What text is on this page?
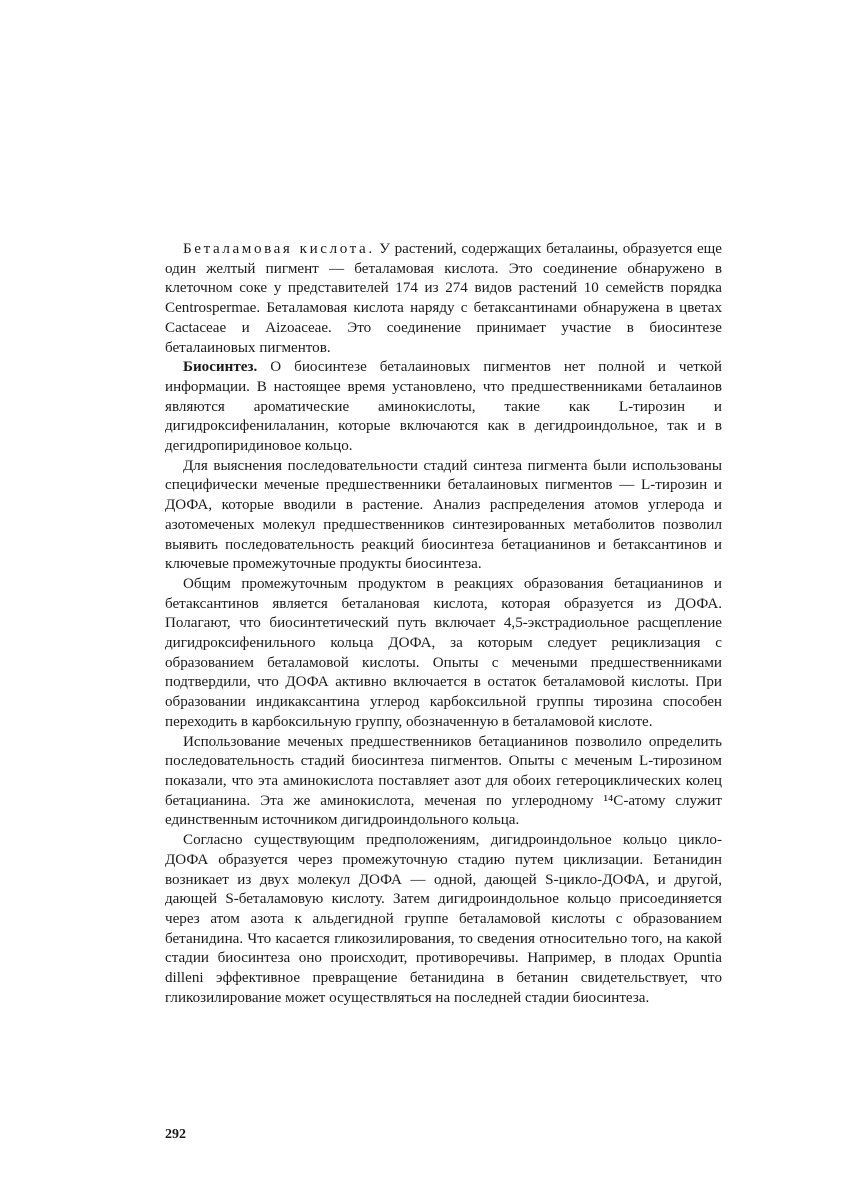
Беталамовая кислота. У растений, содержащих беталаины, образуется еще один желтый пигмент — беталамовая кислота. Это соединение обнаружено в клеточном соке у представителей 174 из 274 видов растений 10 семейств порядка Centrospermae. Беталамовая кислота наряду с бетаксантинами обнаружена в цветах Cactaceae и Aizoaceae. Это соединение принимает участие в биосинтезе беталаиновых пигментов.

Биосинтез. О биосинтезе беталаиновых пигментов нет полной и четкой информации. В настоящее время установлено, что предшественниками беталаинов являются ароматические аминокислоты, такие как L-тирозин и дигидроксифенилаланин, которые включаются как в дегидроиндольное, так и в дегидропиридиновое кольцо.

Для выяснения последовательности стадий синтеза пигмента были использованы специфически меченые предшественники беталаиновых пигментов — L-тирозин и ДОФА, которые вводили в растение. Анализ распределения атомов углерода и азотомеченых молекул предшественников синтезированных метаболитов позволил выявить последовательность реакций биосинтеза бетацианинов и бетаксантинов и ключевые промежуточные продукты биосинтеза.

Общим промежуточным продуктом в реакциях образования бетацианинов и бетаксантинов является беталановая кислота, которая образуется из ДОФА. Полагают, что биосинтетический путь включает 4,5-экстрадиольное расщепление дигидроксифенильного кольца ДОФА, за которым следует рециклизация с образованием беталамовой кислоты. Опыты с мечеными предшественниками подтвердили, что ДОФА активно включается в остаток беталамовой кислоты. При образовании индикаксантина углерод карбоксильной группы тирозина способен переходить в карбоксильную группу, обозначенную в беталамовой кислоте.

Использование меченых предшественников бетацианинов позволило определить последовательность стадий биосинтеза пигментов. Опыты с меченым L-тирозином показали, что эта аминокислота поставляет азот для обоих гетероциклических колец бетацианина. Эта же аминокислота, меченая по углеродному ¹⁴С-атому служит единственным источником дигидроиндольного кольца.

Согласно существующим предположениям, дигидроиндольное кольцо цикло-ДОФА образуется через промежуточную стадию путем циклизации. Бетанидин возникает из двух молекул ДОФА — одной, дающей S-цикло-ДОФА, и другой, дающей S-беталамовую кислоту. Затем дигидроиндольное кольцо присоединяется через атом азота к альдегидной группе беталамовой кислоты с образованием бетанидина. Что касается гликозилирования, то сведения относительно того, на какой стадии биосинтеза оно происходит, противоречивы. Например, в плодах Opuntia dilleni эффективное превращение бетанидина в бетанин свидетельствует, что гликозилирование может осуществляться на последней стадии биосинтеза.

292
